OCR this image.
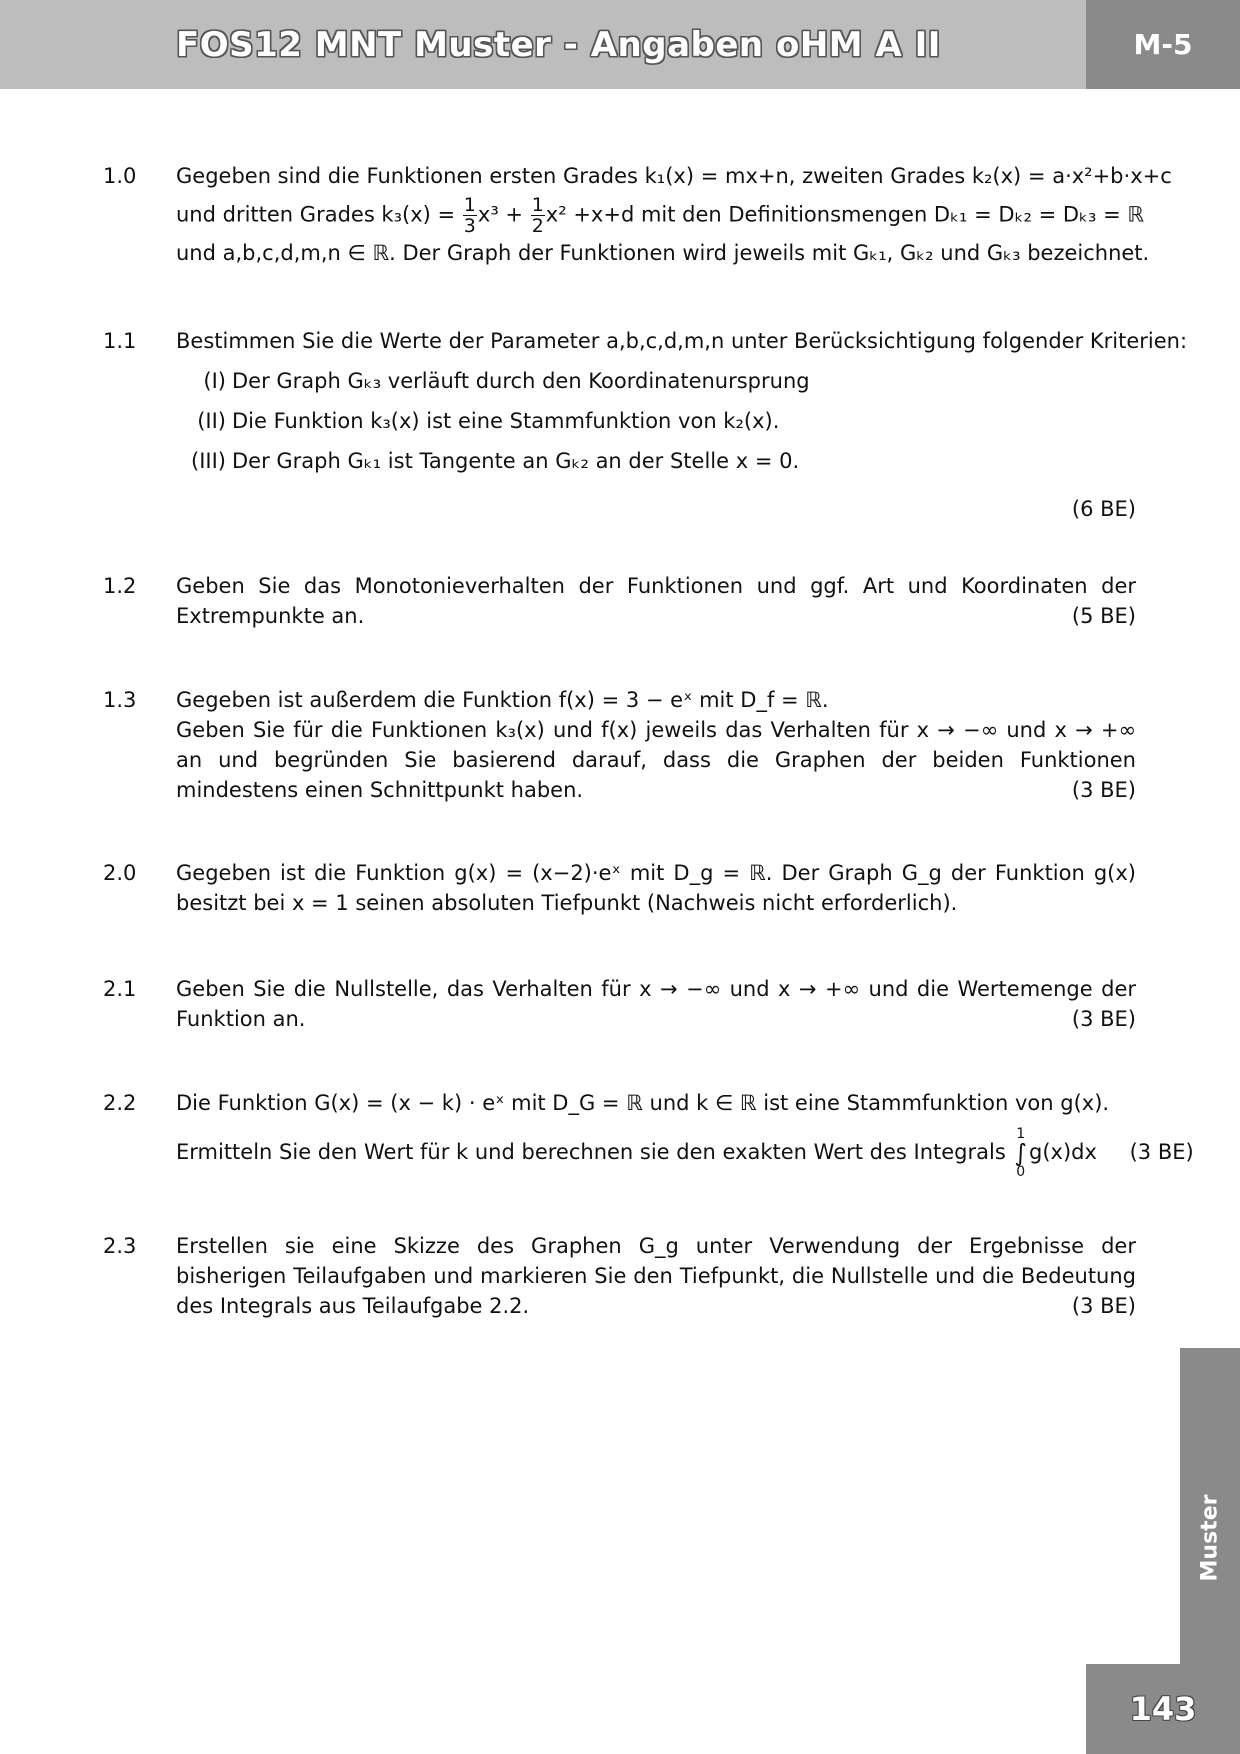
FOS12 MNT Muster - Angaben oHM A II	M-5
1.0 Gegeben sind die Funktionen ersten Grades k₁(x) = mx+n, zweiten Grades k₂(x) = a·x²+b·x+c
und dritten Grades $k_3(x) = \frac{1}{3} x^3 + \frac{1}{2} x^2 +x+d$ mit den Definitionsmengen Dₖ₁ = Dₖ₂ = Dₖ₃ = ℝ
und a,b,c,d,m,n ∈ ℝ. Der Graph der Funktionen wird jeweils mit Gₖ₁, Gₖ₂ und Gₖ₃ bezeichnet.
1.1 Bestimmen Sie die Werte der Parameter a,b,c,d,m,n unter Berücksichtigung folgender Kriterien:
(I) Der Graph Gₖ₃ verläuft durch den Koordinatenursprung
(II) Die Funktion k₃(x) ist eine Stammfunktion von k₂(x).
(III) Der Graph Gₖ₁ ist Tangente an Gₖ₂ an der Stelle x = 0.
(6 BE)
1.2 Geben Sie das Monotonieverhalten der Funktionen und ggf. Art und Koordinaten der Extrempunkte an.	(5 BE)
1.3 Gegeben ist außerdem die Funktion f(x) = 3 − eˣ mit D_f = ℝ.
Geben Sie für die Funktionen k₃(x) und f(x) jeweils das Verhalten für x → −∞ und x → +∞ an und begründen Sie basierend darauf, dass die Graphen der beiden Funktionen mindestens einen Schnittpunkt haben.	(3 BE)
2.0 Gegeben ist die Funktion g(x) = (x−2)·eˣ mit D_g = ℝ. Der Graph G_g der Funktion g(x) besitzt bei x = 1 seinen absoluten Tiefpunkt (Nachweis nicht erforderlich).
2.1 Geben Sie die Nullstelle, das Verhalten für x → −∞ und x → +∞ und die Wertemenge der Funktion an.	(3 BE)
2.2 Die Funktion G(x) = (x − k) · eˣ mit D_G = ℝ und k ∈ ℝ ist eine Stammfunktion von g(x).
Ermitteln Sie den Wert für k und berechnen sie den exakten Wert des Integrals
1
∫
0
g(x)dx (3 BE)
2.3 Erstellen sie eine Skizze des Graphen G_g unter Verwendung der Ergebnisse der bisherigen Teilaufgaben und markieren Sie den Tiefpunkt, die Nullstelle und die Bedeutung des Integrals aus Teilaufgabe 2.2.	(3 BE)
Muster
143
